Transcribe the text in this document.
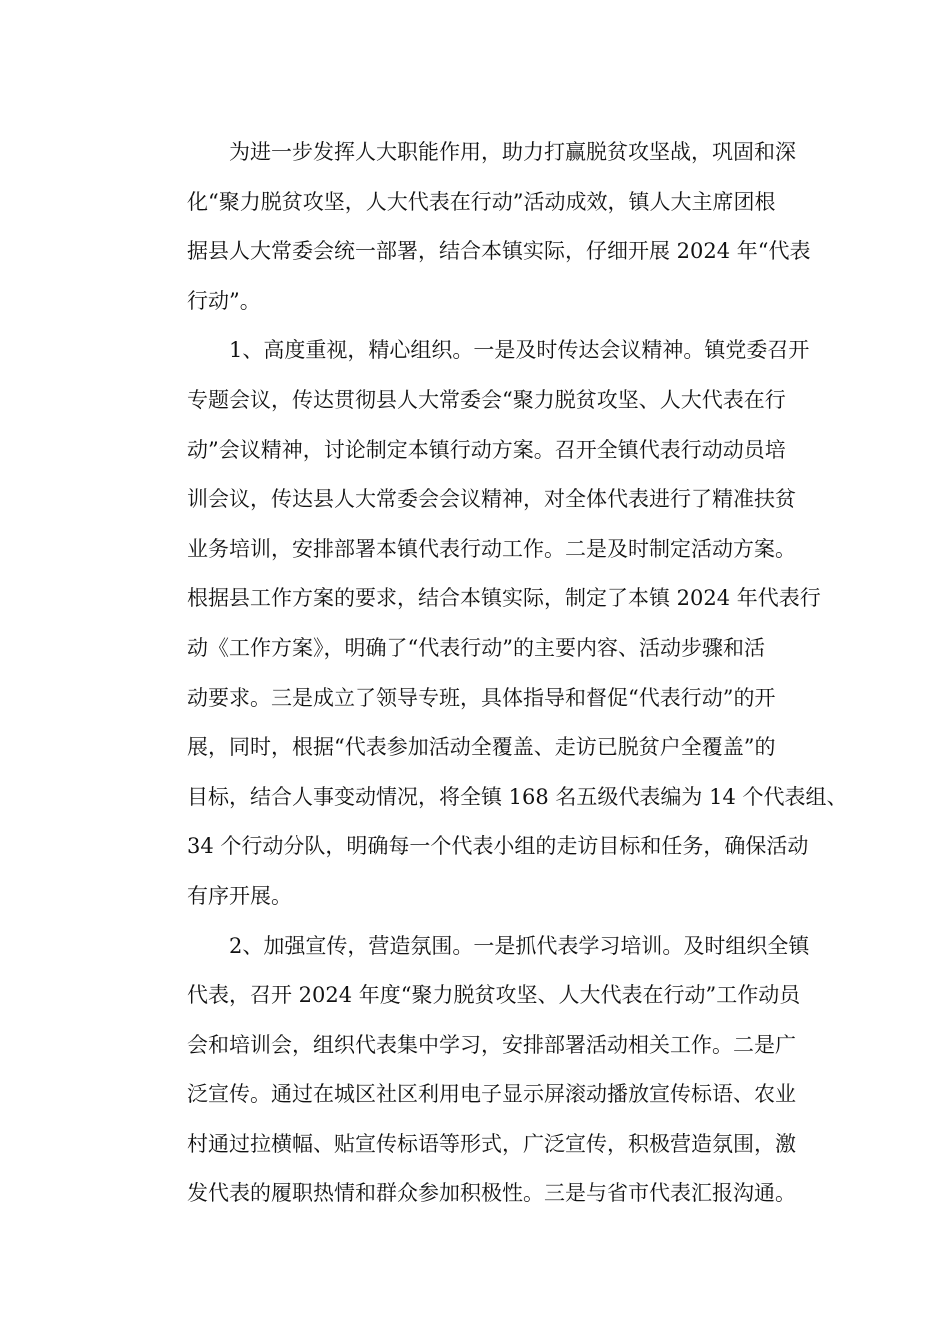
为进一步发挥人大职能作用，助力打赢脱贫攻坚战，巩固和深
化“聚力脱贫攻坚，人大代表在行动”活动成效，镇人大主席团根
据县人大常委会统一部署，结合本镇实际，仔细开展 2024 年“代表
行动”。
1、高度重视，精心组织。一是及时传达会议精神。镇党委召开
专题会议，传达贯彻县人大常委会“聚力脱贫攻坚、人大代表在行
动”会议精神，讨论制定本镇行动方案。召开全镇代表行动动员培
训会议，传达县人大常委会会议精神，对全体代表进行了精准扶贫
业务培训，安排部署本镇代表行动工作。二是及时制定活动方案。
根据县工作方案的要求，结合本镇实际，制定了本镇 2024 年代表行
动《工作方案》，明确了“代表行动”的主要内容、活动步骤和活
动要求。三是成立了领导专班，具体指导和督促“代表行动”的开
展，同时，根据“代表参加活动全覆盖、走访已脱贫户全覆盖”的
目标，结合人事变动情况，将全镇 168 名五级代表编为 14 个代表组、
34 个行动分队，明确每一个代表小组的走访目标和任务，确保活动
有序开展。
2、加强宣传，营造氛围。一是抓代表学习培训。及时组织全镇
代表，召开 2024 年度“聚力脱贫攻坚、人大代表在行动”工作动员
会和培训会，组织代表集中学习，安排部署活动相关工作。二是广
泛宣传。通过在城区社区利用电子显示屏滚动播放宣传标语、农业
村通过拉横幅、贴宣传标语等形式，广泛宣传，积极营造氛围，激
发代表的履职热情和群众参加积极性。三是与省市代表汇报沟通。
